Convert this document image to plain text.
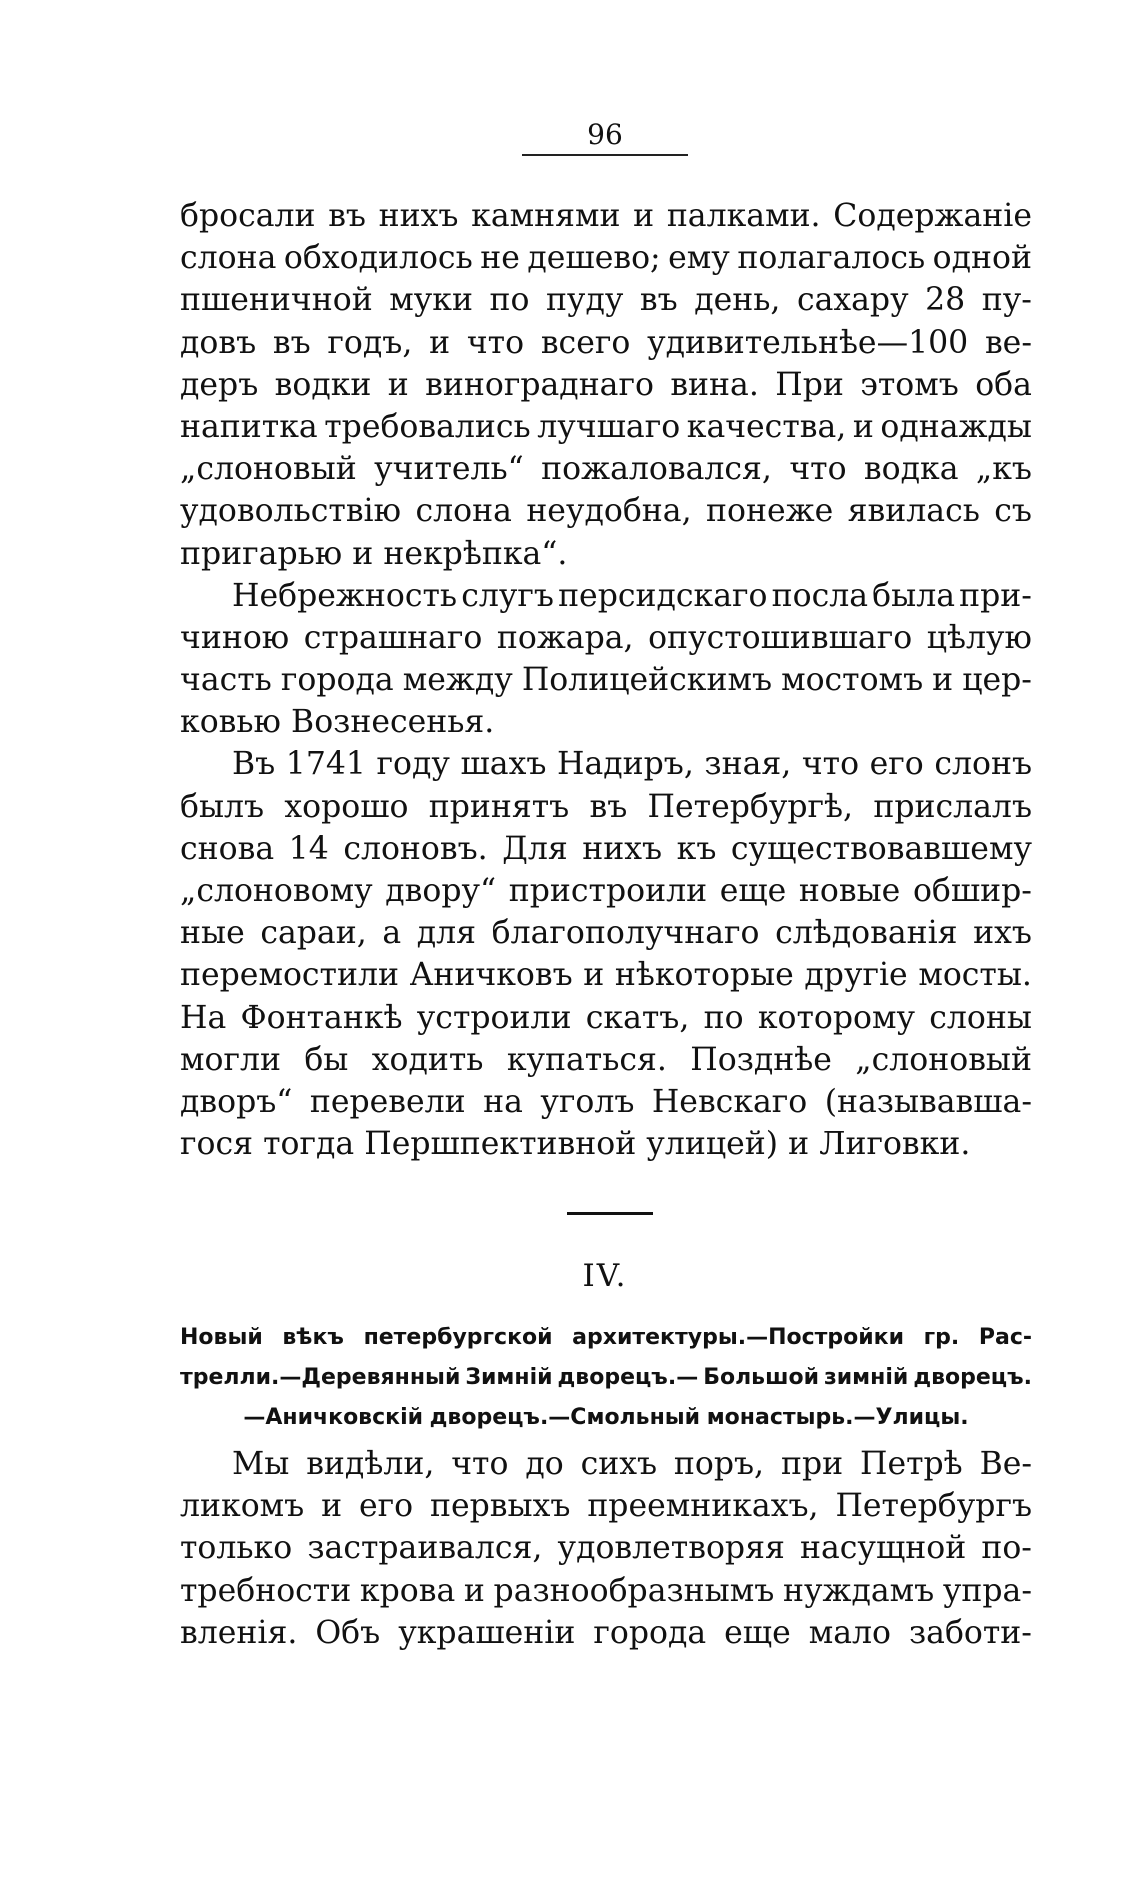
96
бросали въ нихъ камнями и палками. Содержаніе
слона обходилось не дешево; ему полагалось одной
пшеничной муки по пуду въ день, сахару 28 пу-
довъ въ годъ, и что всего удивительнѣе—100 ве-
деръ водки и винограднаго вина. При этомъ оба
напитка требовались лучшаго качества, и однажды
„слоновый учитель“ пожаловался, что водка „къ
удовольствію слона неудобна, понеже явилась съ
пригарью и некрѣпка“.
Небрежность слугъ персидскаго посла была при-
чиною страшнаго пожара, опустошившаго цѣлую
часть города между Полицейскимъ мостомъ и цер-
ковью Вознесенья.
Въ 1741 году шахъ Надиръ, зная, что его слонъ
былъ хорошо принятъ въ Петербургѣ, прислалъ
снова 14 слоновъ. Для нихъ къ существовавшему
„слоновому двору“ пристроили еще новые обшир-
ные сараи, а для благополучнаго слѣдованія ихъ
перемостили Аничковъ и нѣкоторые другіе мосты.
На Фонтанкѣ устроили скатъ, по которому слоны
могли бы ходить купаться. Позднѣе „слоновый
дворъ“ перевели на уголъ Невскаго (называвша-
гося тогда Першпективной улицей) и Лиговки.
IV.
Новый вѣкъ петербургской архитектуры.—Постройки гр. Рас-
трелли.—Деревянный Зимній дворецъ.— Большой зимній дворецъ.
—Аничковскій дворецъ.—Смольный монастырь.—Улицы.
Мы видѣли, что до сихъ поръ, при Петрѣ Ве-
ликомъ и его первыхъ преемникахъ, Петербургъ
только застраивался, удовлетворяя насущной по-
требности крова и разнообразнымъ нуждамъ упра-
вленія. Объ украшеніи города еще мало заботи-
